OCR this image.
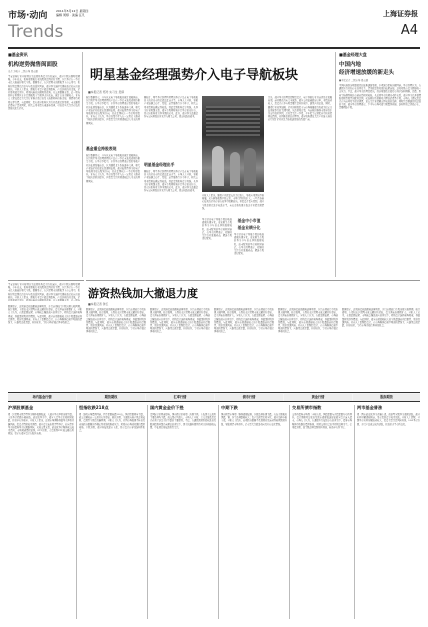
市场·动向	2011年5月12日 星期四
编辑 周婷 · 美编 汪凡
Trends
上海证券报
A4
■基金资讯
机构逆势抛售闽面股
记者 方骏丰 二级市场 周南通
平安证券行业分析师认为近期机构资金持续流出，部分个股出现明显调整。今年以来，机构对面板行业的配置比例持续下降，多只基金在一季度末已大幅减持相关个股。数据显示，在沪深两市的面板类上市公司中，机构持股比例已由去年年底的高位回落，部分基金选择兑现收益后转向其他板块。分析人士指出，面板行业受产能过剩影响，产品价格持续走低，企业盈利能力承压，短期内难以出现明显改善。从交易数据来看，近一周内机构专用席位在多只面板股上呈现净卖出状态，累计卖出金额较大。业内人士建议投资者关注行业整合进度以及上游原材料价格走势，谨慎对待短期反弹行情。与此同时，也有部分机构认为行业底部已经显现，未来随着消费电子需求回暖，相关公司业绩有望逐步改善，可以适当关注具有技术优势的龙头企业。
明星基金经理强势介入电子导航板块
■本报记者 郑玲 实习生 吴倩
统计数据显示，今年以来电子导航板块累计涨幅居前，多只明星基金经理管理的产品在一季度末新进或增持相关个股。在基金季报中，多位基金经理表示看好导航产业的长期发展前景，认为随着北斗系统逐步完善，相关产业链企业将迎来快速增长期。部分偏股型基金将电子导航列为重点配置方向，持仓比例较上一季度明显提升。业内人士认为，基金的集中介入在一定程度上推动了板块估值的提升，但也需关注短期涨幅过大带来的回调风险。
基金重仓持股表现
统计数据显示，今年以来电子导航板块累计涨幅居前，多只明星基金经理管理的产品在一季度末新进或增持相关个股。在基金季报中，多位基金经理表示看好导航产业的长期发展前景，认为随着北斗系统逐步完善，相关产业链企业将迎来快速增长期。部分偏股型基金将电子导航列为重点配置方向，持仓比例较上一季度明显提升。业内人士认为，基金的集中介入在一定程度上推动了板块估值的提升，但也需关注短期涨幅过大带来的回调风险。
据统计，明星基金经理所管理的基金产品在电子导航板块上的持仓市值已超过此前水平。市场人士分析，导航产业链涵盖芯片、终端、运营服务等多个环节，相关公司业绩增长确定性较高，因此受到机构资金青睐。从基金持仓明细来看，部分个股同时被多只基金重仓持有，显示出机构对其基本面的认可。此外，部分基金还通过参与定向增发的方式介入相关公司，锁定较低的成本。
明星基金经理出手
据统计，明星基金经理所管理的基金产品在电子导航板块上的持仓市值已超过此前水平。市场人士分析，导航产业链涵盖芯片、终端、运营服务等多个环节，相关公司业绩增长确定性较高，因此受到机构资金青睐。从基金持仓明细来看，部分个股同时被多只基金重仓持有，显示出机构对其基本面的认可。此外，部分基金还通过参与定向增发的方式介入相关公司，锁定较低的成本。
分析人士指出，随着产业政策支持力度加大，导航应用领域不断拓展，从车载导航到手机定位，市场空间持续扩大。一些具备核心技术的企业有望在竞争中脱颖而出。但投资者也应看到，部分个股估值已处于较高水平，未来走势将更多取决于业绩兑现情况。
基金持仓电子导航个股的收益表现出现分化。重仓相关个股的基金今年以来净值表现较好，而未配置的基金则相对落后。有基金经理表示，将继续关注行业发展动态，精选个股进行配置。
基金中小市值
基金业绩分化
基金持仓电子导航个股的收益表现出现分化。重仓相关个股的基金今年以来净值表现较好，而未配置的基金则相对落后。有基金经理表示，将继续关注行业发展动态，精选个股进行配置。
另外，部分基金经理也提醒投资者，电子导航行业目前仍处于发展初期，商业模式尚未完全成熟，部分公司依赖政府订单，业绩波动较大。投资者在参与时需要注意控制仓位，避免盲目追高。同时，随着行业竞争加剧，企业的研发投入与市场拓展能力将成为决定其长期竞争力的关键因素。从估值角度看，当前板块整体市盈率处于历史中高位区间，后续需关注一季报、半年报等定期报告中的业绩增长情况，以判断估值的合理性。部分机构建议关注产业链上游的芯片设计企业以及具备渠道优势的终端厂商。
■基金经理大盘
中国内地
经济增速放缓的新走头
■本报记者 二级市场 周南通
中国内地经济增速放缓的迹象逐渐显现，多项先行指标出现回落。基金经理认为，在通胀压力持续存在的背景下，货币政策仍将保持偏紧态势，这将对股市资金面形成一定压力。不过，部分基金经理也指出，经济增速适度放缓有利于结构调整，消费、医药等防御性板块有望获得相对收益。从近期基金的调仓动作来看，部分基金已开始降低周期类股票的配置比例，转而增持估值相对合理的消费类个股。市场人士建议投资者在当前环境下保持谨慎，重点关注业绩确定性较高的品种，同时注意规避估值过高的个股。部分基金经理表示，下半年市场可能呈现震荡格局，结构性机会仍然存在，需要精选个股。
平安证券行业分析师认为近期机构资金持续流出，部分个股出现明显调整。今年以来，机构对面板行业的配置比例持续下降，多只基金在一季度末已大幅减持相关个股。数据显示，在沪深两市的面板类上市公司中，机构持股比例已由去年年底的高位回落，部分基金选择兑现收益后转向其他板块。分析人士指出，面板行业受产能过剩影响，产品价格持续走低，企业盈利能力承压，短期内难以出现明显改善。从交易数据来看，近一周内
游资热钱加大撤退力度
■本报记者 钟玉
数据显示，近期游资热钱撤离迹象明显，多只前期热门个股出现大幅回调。统计表明，上周以来沪深两市成交额持续萎缩，资金净流出规模扩大。分析人士认为，在政策面偏紧、市场缺乏赚钱效应的背景下，短线资金选择离场观望，导致题材股炒作降温。与此同时，部分前期涨幅较大的个股遭遇获利盘抛售，股价快速回落。业内人士提醒投资者，在市场整体趋势不明朗的情况下，应避免追涨杀跌，控制仓位，等待市场企稳后再寻找机会。
数据显示，近期游资热钱撤离迹象明显，多只前期热门个股出现大幅回调。统计表明，上周以来沪深两市成交额持续萎缩，资金净流出规模扩大。分析人士认为，在政策面偏紧、市场缺乏赚钱效应的背景下，短线资金选择离场观望，导致题材股炒作降温。与此同时，部分前期涨幅较大的个股遭遇获利盘抛售，股价快速回落。业内人士提醒投资者，在市场整体趋势不明朗的情况下，应避免追涨杀跌，控制仓位，等待市场企稳后再寻找机会。
数据显示，近期游资热钱撤离迹象明显，多只前期热门个股出现大幅回调。统计表明，上周以来沪深两市成交额持续萎缩，资金净流出规模扩大。分析人士认为，在政策面偏紧、市场缺乏赚钱效应的背景下，短线资金选择离场观望，导致题材股炒作降温。与此同时，部分前期涨幅较大的个股遭遇获利盘抛售，股价快速回落。业内人士提醒投资者，在市场整体趋势不明朗的情况下，应避免追涨杀跌，控制仓位，等待市场企稳后再寻找机会。
数据显示，近期游资热钱撤离迹象明显，多只前期热门个股出现大幅回调。统计表明，上周以来沪深两市成交额持续萎缩，资金净流出规模扩大。分析人士认为，在政策面偏紧、市场缺乏赚钱效应的背景下，短线资金选择离场观望，导致题材股炒作降温。与此同时，部分前期涨幅较大的个股遭遇获利盘抛售，股价快速回落。业内人士提醒投资者，在市场整体趋势不明朗的情况下，应避免追涨杀跌，控制仓位，等待市场企稳后再寻找机会。
数据显示，近期游资热钱撤离迹象明显，多只前期热门个股出现大幅回调。统计表明，上周以来沪深两市成交额持续萎缩，资金净流出规模扩大。分析人士认为，在政策面偏紧、市场缺乏赚钱效应的背景下，短线资金选择离场观望，导致题材股炒作降温。与此同时，部分前期涨幅较大的个股遭遇获利盘抛售，股价快速回落。业内人士提醒投资者，在市场整体趋势不明朗的情况下，应避免追涨杀跌，控制仓位，等待市场企稳后再寻找机会。
数据显示，近期游资热钱撤离迹象明显，多只前期热门个股出现大幅回调。统计表明，上周以来沪深两市成交额持续萎缩，资金净流出规模扩大。分析人士认为，在政策面偏紧、市场缺乏赚钱效应的背景下，短线资金选择离场观望，导致题材股炒作降温。与此同时，部分前期涨幅较大的个股遭遇获利盘抛售，股价快速回落。业内人士提醒投资者，在市场整体趋势不明朗的情况下，应避免追涨杀跌，控制仓位，等待市场企稳后再寻找机会。
场内基金行情	期货期权	汇率行情	债市行情	黄金行情	股指期货
沪深股票基金
周三沪深两市股票型基金整体表现低迷，大部分基金净值出现下跌。上证基金指数小幅收低，封闭式基金中，部分大盘基金走势相对抗跌，折价率有所收窄。分析人士指出，近期市场调整导致基金净值普遍回落，投资者情绪较为谨慎，部分资金流出股票型基金，转向货币基金和债券基金以规避风险。从成交量来看，封闭式基金整体成交较为清淡，市场观望情绪浓厚。ETF方面，大盘蓝筹ETF成交额有所增加，显示有部分资金在低位布局。
恒指收跌218点
周三港股市场震荡回落，恒生指数收跌218点。国企指数同步下跌，成交金额较前一交易日有所萎缩。板块方面，金融股与地产股走势疲弱，资源类个股也普遍回调。分析人士认为，外围市场表现不佳以及内地经济数据的不确定性对港股形成压力，短期内市场或将维持震荡格局。个股方面，部分科技股逆市上涨，显示资金在寻找结构性机会。
国内黄金金价下挫
受国际金价回落影响，国内黄金价格周三出现下挫。上海黄金交易所主要品种均下跌，成交量有所放大。市场人士分析，美元走强及投资者获利了结是金价下跌的主要原因。不过，在通胀预期仍然较高以及欧洲债务问题尚未解决的背景下，黄金的避险属性仍对其价格形成支撑，中长期走势依然值得关注。
中期下跌
国内期货市场周三整体表现偏弱，多数品种出现下跌。有色金属板块领跌，铜、锌等品种跌幅较大；农产品期货走势分化，部分品种小幅上涨。分析人士指出，宏观经济数据不及预期以及流动性收紧预期升温，导致期货市场承压。后市需关注政策动向及库存变化情况。
交易所债市指数
交易所债券市场周三小幅上涨，国债指数与企债指数均有所回升。资金面相对宽松以及股市表现低迷促使部分资金流入债市。市场人士认为，在通胀压力依然存在的背景下，债券市场整体仍将维持震荡格局，短期交易机会以中短期品种为主。信用债方面，高等级品种受到机构青睐，收益率有所下行。
两市基金普涨
周三两市封闭式基金普遍上涨，创新型分级基金表现活跃。部分杠杆份额涨幅居前，显示投机资金较为活跃。分析人士提醒，分级基金杠杆份额波动较大，投资者需注意风险控制。LOF基金方面，多只产品成交较为活跃，折溢价水平有所变化。
